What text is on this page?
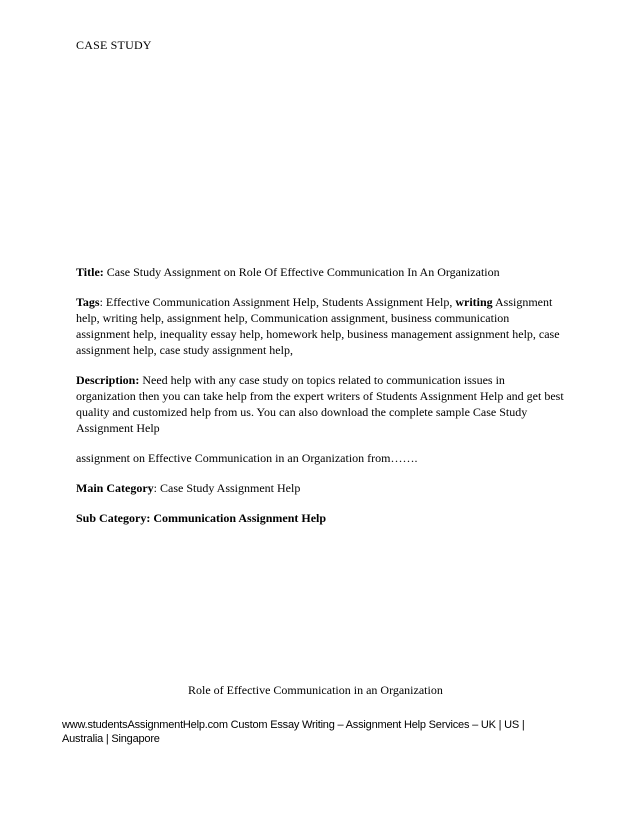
CASE STUDY

Title: Case Study Assignment on Role Of Effective Communication In An Organization

Tags: Effective Communication Assignment Help, Students Assignment Help, writing Assignment help, writing help, assignment help, Communication assignment, business communication assignment help, inequality essay help, homework help, business management assignment help, case assignment help, case study assignment help,

Description: Need help with any case study on topics related to communication issues in organization then you can take help from the expert writers of Students Assignment Help and get best quality and customized help from us. You can also download the complete sample Case Study Assignment Help

assignment on Effective Communication in an Organization from…….

Main Category: Case Study Assignment Help

Sub Category: Communication Assignment Help

Role of Effective Communication in an Organization
www.studentsAssignmentHelp.com Custom Essay Writing – Assignment Help Services – UK | US | Australia | Singapore
